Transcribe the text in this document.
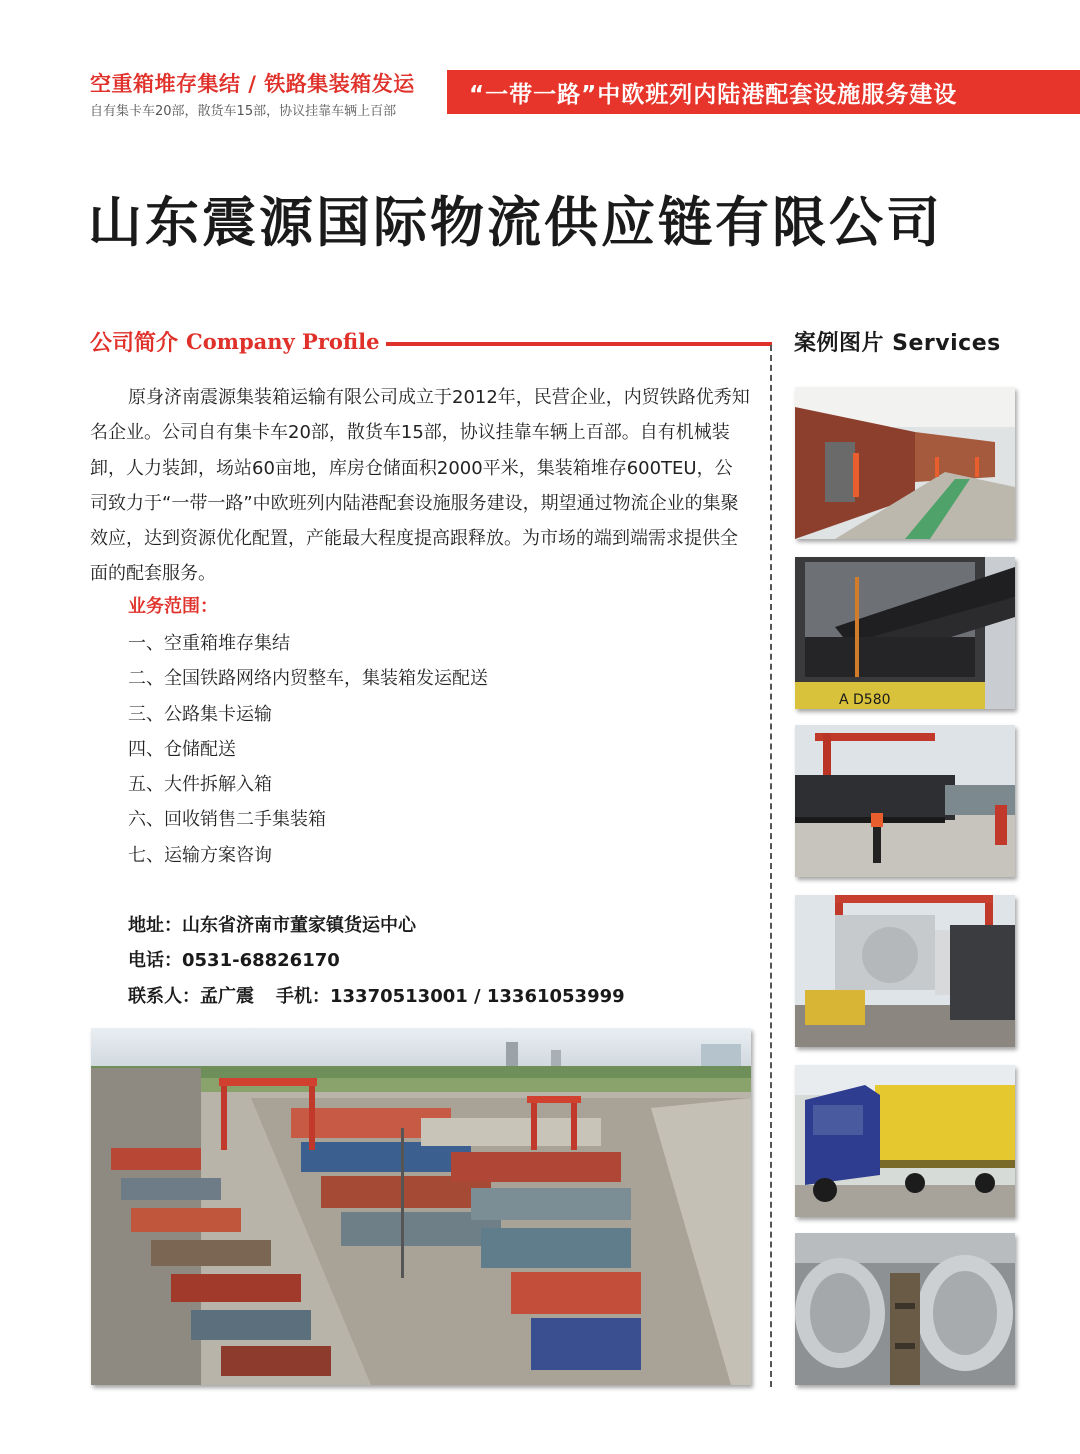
空重箱堆存集结 / 铁路集装箱发运
自有集卡车20部，散货车15部，协议挂靠车辆上百部
“一带一路”中欧班列内陆港配套设施服务建设
山东震源国际物流供应链有限公司
公司简介 Company Profile	案例图片 Services

原身济南震源集装箱运输有限公司成立于2012年，民营企业，内贸铁路优秀知名企业。公司自有集卡车20部，散货车15部，协议挂靠车辆上百部。自有机械装卸，人力装卸，场站60亩地，库房仓储面积2000平米，集装箱堆存600TEU，公司致力于“一带一路”中欧班列内陆港配套设施服务建设，期望通过物流企业的集聚效应，达到资源优化配置，产能最大程度提高跟释放。为市场的端到端需求提供全面的配套服务。

业务范围：
一、空重箱堆存集结
二、全国铁路网络内贸整车，集装箱发运配送
三、公路集卡运输
四、仓储配送
五、大件拆解入箱
六、回收销售二手集装箱
七、运输方案咨询
地址：山东省济南市董家镇货运中心
电话：0531-68826170
联系人：孟广震 手机：13370513001 / 13361053999
A D580
